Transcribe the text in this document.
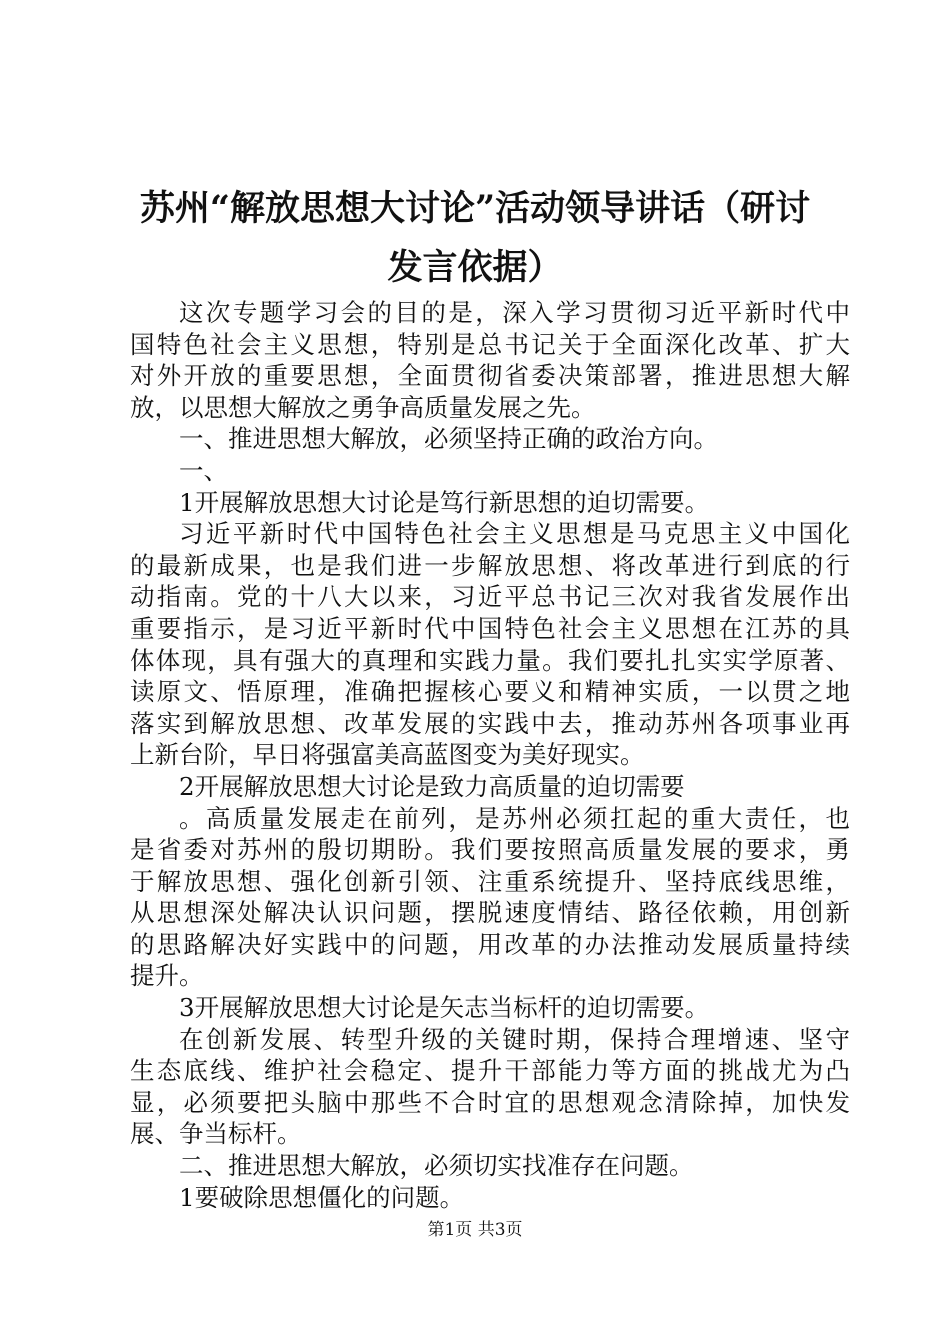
苏州“解放思想大讨论”活动领导讲话（研讨
发言依据）
这次专题学习会的目的是，深入学习贯彻习近平新时代中
国特色社会主义思想，特别是总书记关于全面深化改革、扩大
对外开放的重要思想，全面贯彻省委决策部署，推进思想大解
放，以思想大解放之勇争高质量发展之先。
一、推进思想大解放，必须坚持正确的政治方向。
一、
1开展解放思想大讨论是笃行新思想的迫切需要。
习近平新时代中国特色社会主义思想是马克思主义中国化
的最新成果，也是我们进一步解放思想、将改革进行到底的行
动指南。党的十八大以来，习近平总书记三次对我省发展作出
重要指示，是习近平新时代中国特色社会主义思想在江苏的具
体体现，具有强大的真理和实践力量。我们要扎扎实实学原著、
读原文、悟原理，准确把握核心要义和精神实质，一以贯之地
落实到解放思想、改革发展的实践中去，推动苏州各项事业再
上新台阶，早日将强富美高蓝图变为美好现实。
2开展解放思想大讨论是致力高质量的迫切需要
。高质量发展走在前列，是苏州必须扛起的重大责任，也
是省委对苏州的殷切期盼。我们要按照高质量发展的要求，勇
于解放思想、强化创新引领、注重系统提升、坚持底线思维，
从思想深处解决认识问题，摆脱速度情结、路径依赖，用创新
的思路解决好实践中的问题，用改革的办法推动发展质量持续
提升。
3开展解放思想大讨论是矢志当标杆的迫切需要。
在创新发展、转型升级的关键时期，保持合理增速、坚守
生态底线、维护社会稳定、提升干部能力等方面的挑战尤为凸
显，必须要把头脑中那些不合时宜的思想观念清除掉，加快发
展、争当标杆。
二、推进思想大解放，必须切实找准存在问题。
1要破除思想僵化的问题。
第1页 共3页
